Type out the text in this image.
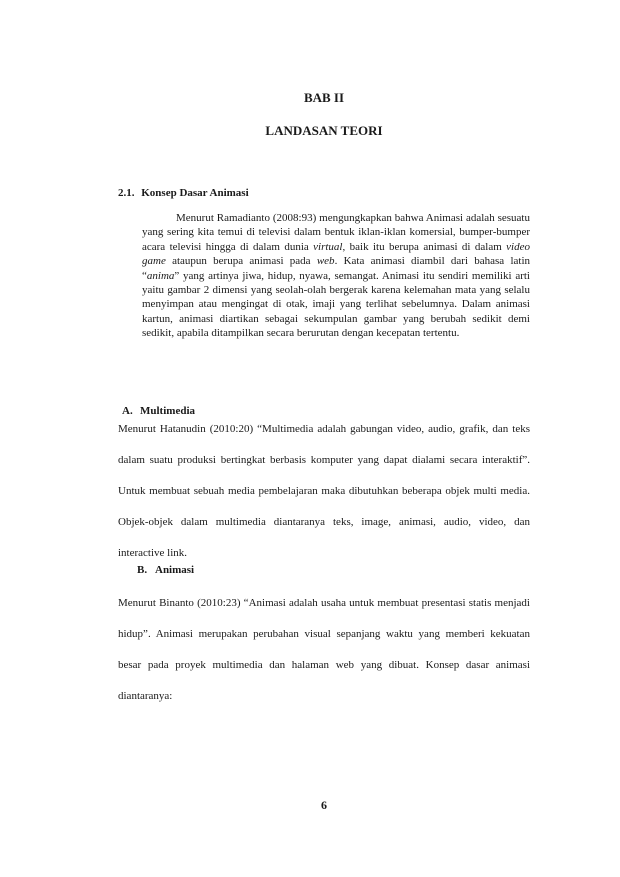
BAB II
LANDASAN TEORI
2.1. Konsep Dasar Animasi

Menurut Ramadianto (2008:93) mengungkapkan bahwa Animasi adalah sesuatu yang sering kita temui di televisi dalam bentuk iklan-iklan komersial, bumper-bumper acara televisi hingga di dalam dunia virtual, baik itu berupa animasi di dalam video game ataupun berupa animasi pada web. Kata animasi diambil dari bahasa latin “anima” yang artinya jiwa, hidup, nyawa, semangat. Animasi itu sendiri memiliki arti yaitu gambar 2 dimensi yang seolah-olah bergerak karena kelemahan mata yang selalu menyimpan atau mengingat di otak, imaji yang terlihat sebelumnya. Dalam animasi kartun, animasi diartikan sebagai sekumpulan gambar yang berubah sedikit demi sedikit, apabila ditampilkan secara berurutan dengan kecepatan tertentu.

A. Multimedia

Menurut Hatanudin (2010:20) “Multimedia adalah gabungan video, audio, grafik, dan teks dalam suatu produksi bertingkat berbasis komputer yang dapat dialami secara interaktif”. Untuk membuat sebuah media pembelajaran maka dibutuhkan beberapa objek multi media. Objek-objek dalam multimedia diantaranya teks, image, animasi, audio, video, dan interactive link.

B. Animasi

Menurut Binanto (2010:23) “Animasi adalah usaha untuk membuat presentasi statis menjadi hidup”. Animasi merupakan perubahan visual sepanjang waktu yang memberi kekuatan besar pada proyek multimedia dan halaman web yang dibuat. Konsep dasar animasi diantaranya:

6
